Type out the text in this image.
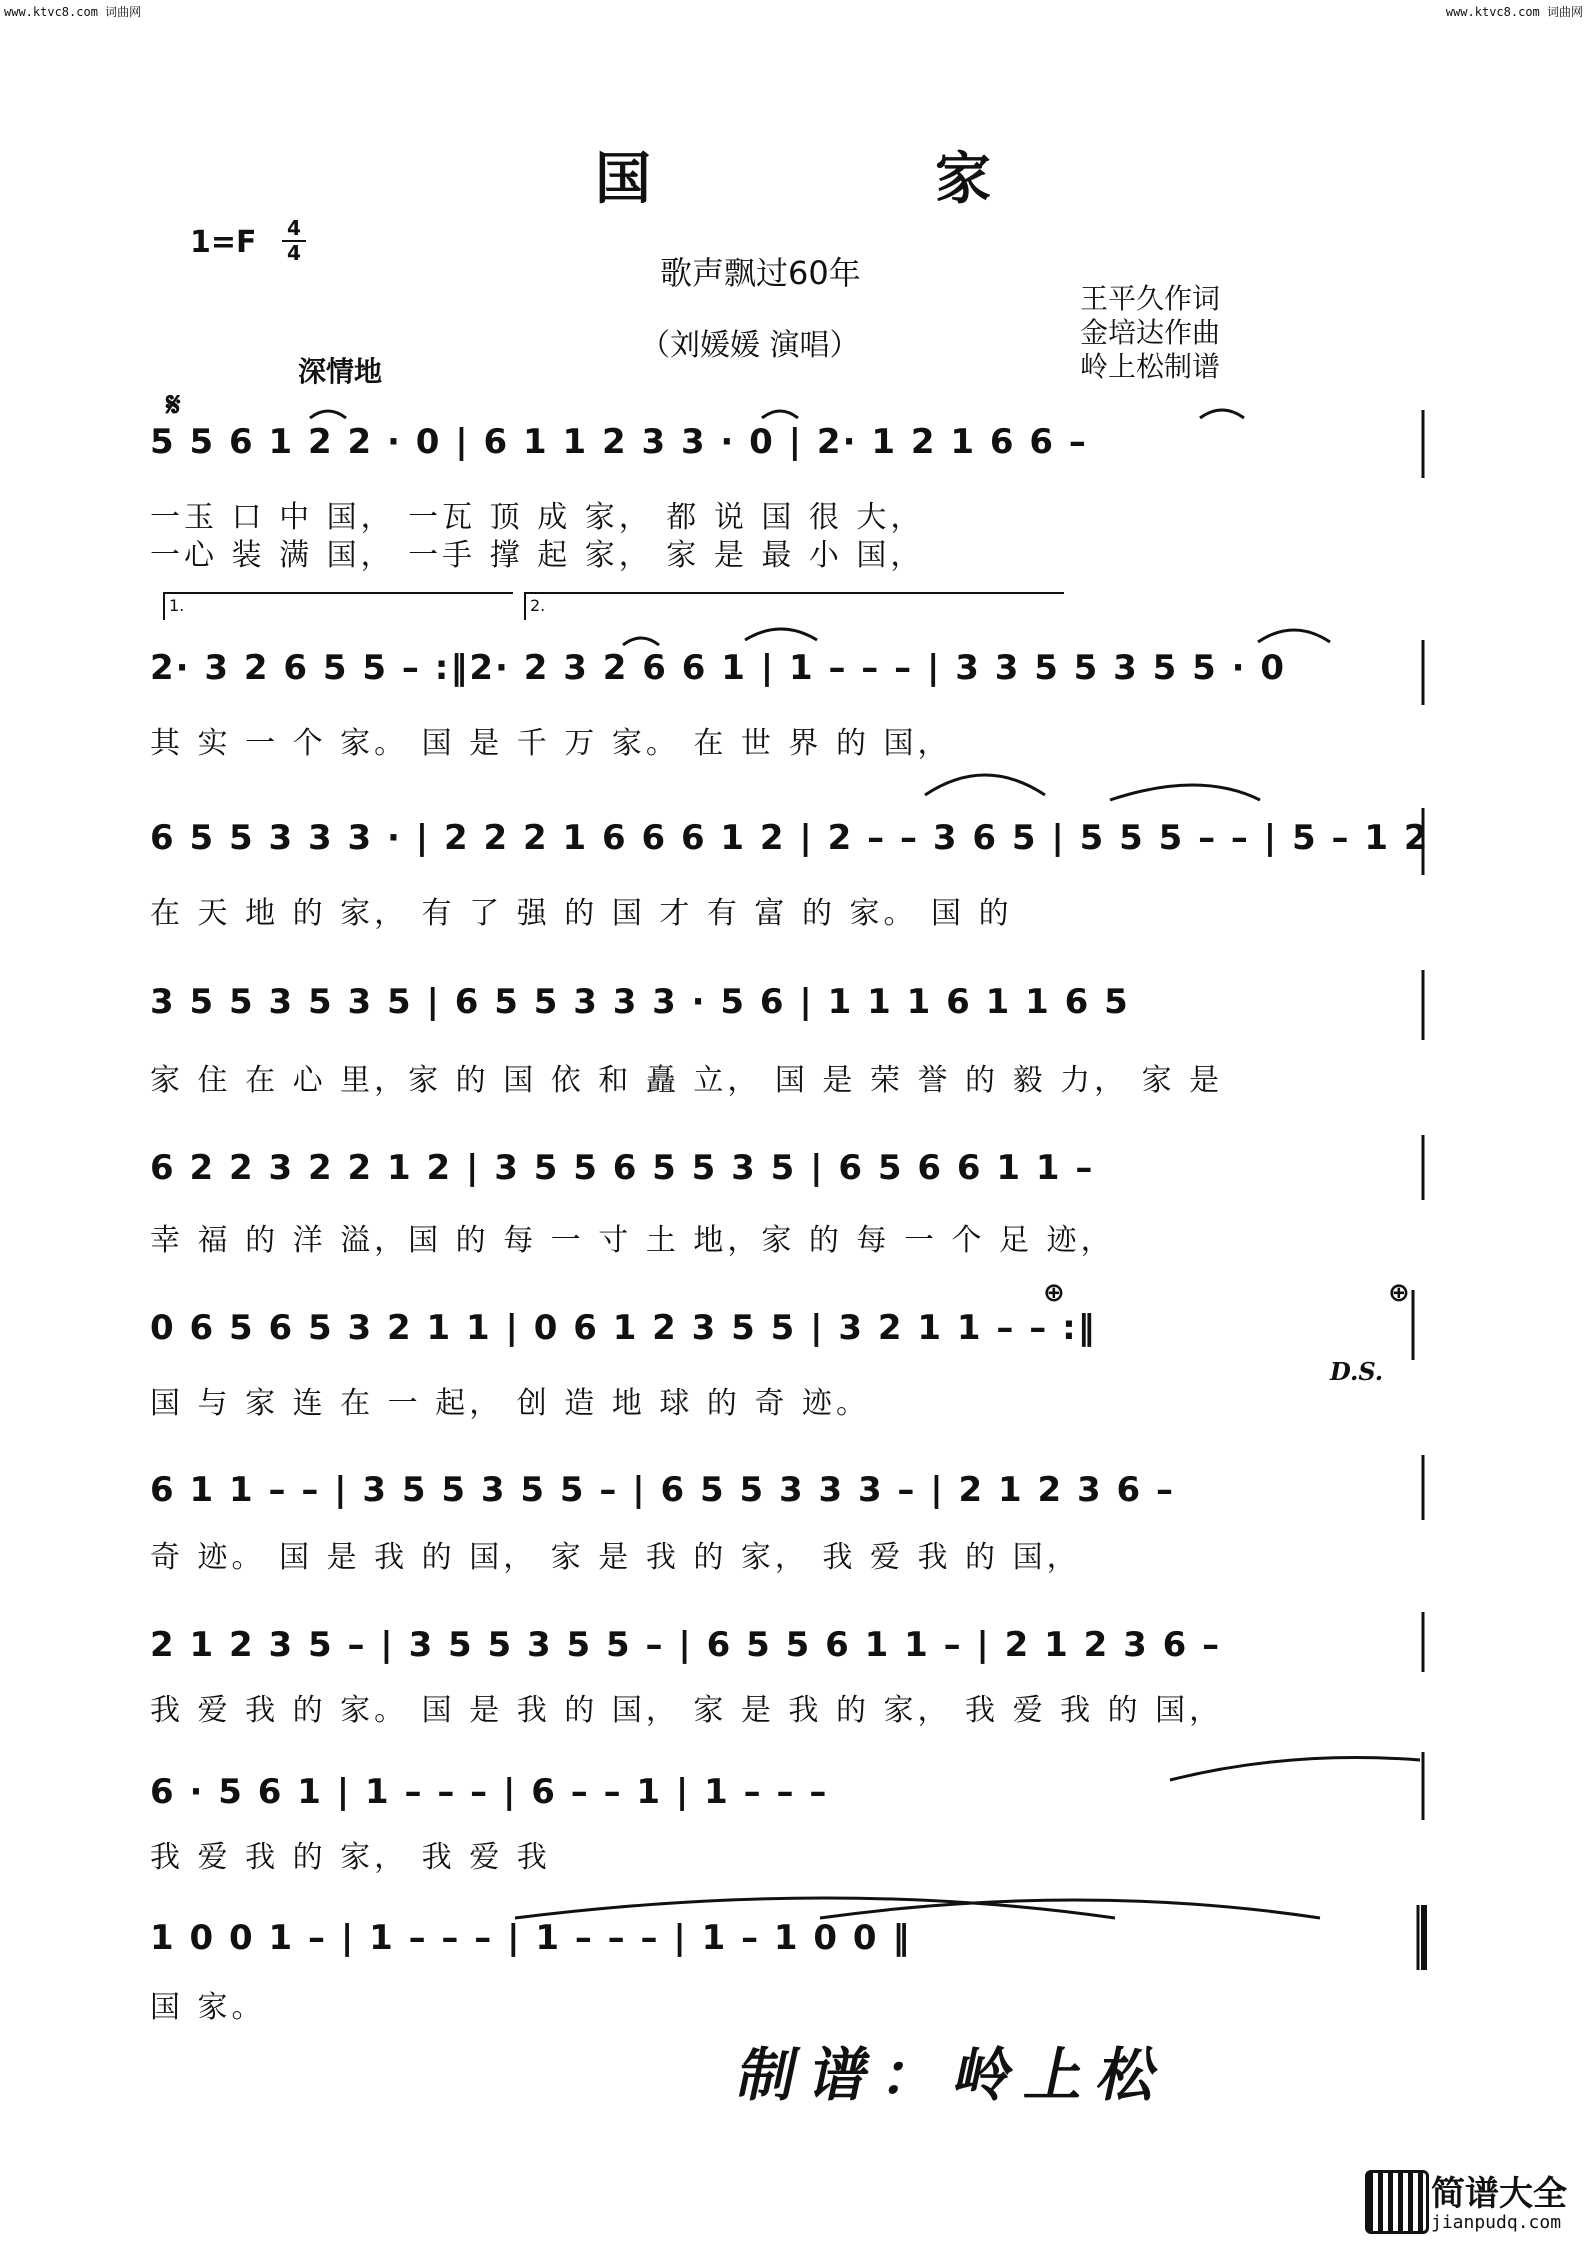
www.ktvc8.com 词曲网	www.ktvc8.com 词曲网
国	家
$1=F \frac{4}{4}$
歌声飘过60年
（刘媛媛 演唱）
王平久作词
金培达作曲
岭上松制谱
深情地
𝄋
5 5 6 1 2 2 · 0 | 6 1 1 2 3 3 · 0 | 2· 1 2 1 6 6 –
一玉 口 中 国， 一瓦 顶 成 家， 都 说 国 很 大，
一心 装 满 国， 一手 撑 起 家， 家 是 最 小 国，
1.	2.
2· 3 2 6 5 5 – :‖2· 2 3 2 6 6 1 | 1 – – – | 3 3 5 5 3 5 5 · 0
其 实 一 个 家。 国 是 千 万 家。 在 世 界 的 国，
6 5 5 3 3 3 · | 2 2 2 1 6 6 6 1 2 | 2 – – 3 6 5 | 5 5 5 – – | 5 – 1 2
在 天 地 的 家， 有 了 强 的 国 才 有 富 的 家。 国 的
3 5 5 3 5 3 5 | 6 5 5 3 3 3 · 5 6 | 1 1 1 6 1 1 6 5
家 住 在 心 里，家 的 国 依 和 矗 立， 国 是 荣 誉 的 毅 力， 家 是
6 2 2 3 2 2 1 2 | 3 5 5 6 5 5 3 5 | 6 5 6 6 1 1 –
幸 福 的 洋 溢，国 的 每 一 寸 土 地，家 的 每 一 个 足 迹，
⊕	⊕
0 6 5 6 5 3 2 1 1 | 0 6 1 2 3 5 5 | 3 2 1 1 – – :‖
D.S.
国 与 家 连 在 一 起， 创 造 地 球 的 奇 迹。
6 1 1 – – | 3 5 5 3 5 5 – | 6 5 5 3 3 3 – | 2 1 2 3 6 –
奇 迹。 国 是 我 的 国， 家 是 我 的 家， 我 爱 我 的 国，
2 1 2 3 5 – | 3 5 5 3 5 5 – | 6 5 5 6 1 1 – | 2 1 2 3 6 –
我 爱 我 的 家。 国 是 我 的 国， 家 是 我 的 家， 我 爱 我 的 国，
6 · 5 6 1 | 1 – – – | 6 – – 1 | 1 – – –
我 爱 我 的 家， 我 爱 我
1 0 0 1 – | 1 – – – | 1 – – – | 1 – 1 0 0 ‖
国 家。
制谱：岭上松
简谱大全
jianpudq.com
